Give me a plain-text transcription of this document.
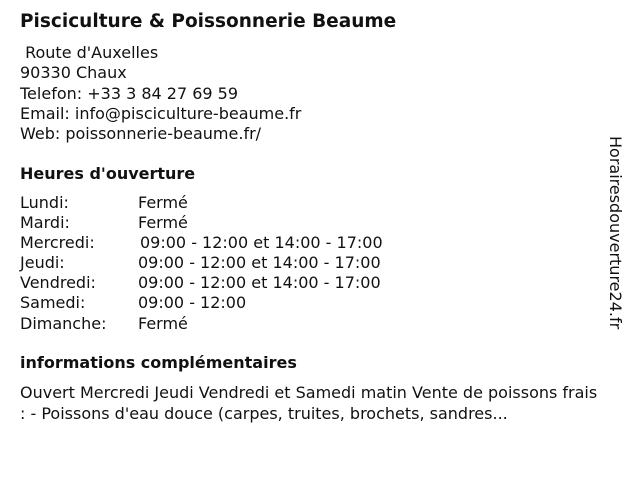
Pisciculture & Poissonnerie Beaume
Route d'Auxelles
90330 Chaux
Telefon: +33 3 84 27 69 59
Email: info@pisciculture-beaume.fr
Web: poissonnerie-beaume.fr/
Heures d'ouverture
Lundi:	Fermé
Mardi:	Fermé
Mercredi:	09:00 - 12:00 et 14:00 - 17:00
Jeudi:	09:00 - 12:00 et 14:00 - 17:00
Vendredi:	09:00 - 12:00 et 14:00 - 17:00
Samedi:	09:00 - 12:00
Dimanche: Fermé
informations complémentaires
Ouvert Mercredi Jeudi Vendredi et Samedi matin Vente de poissons frais : - Poissons d'eau douce (carpes, truites, brochets, sandres...
Horairesdouverture24.fr
